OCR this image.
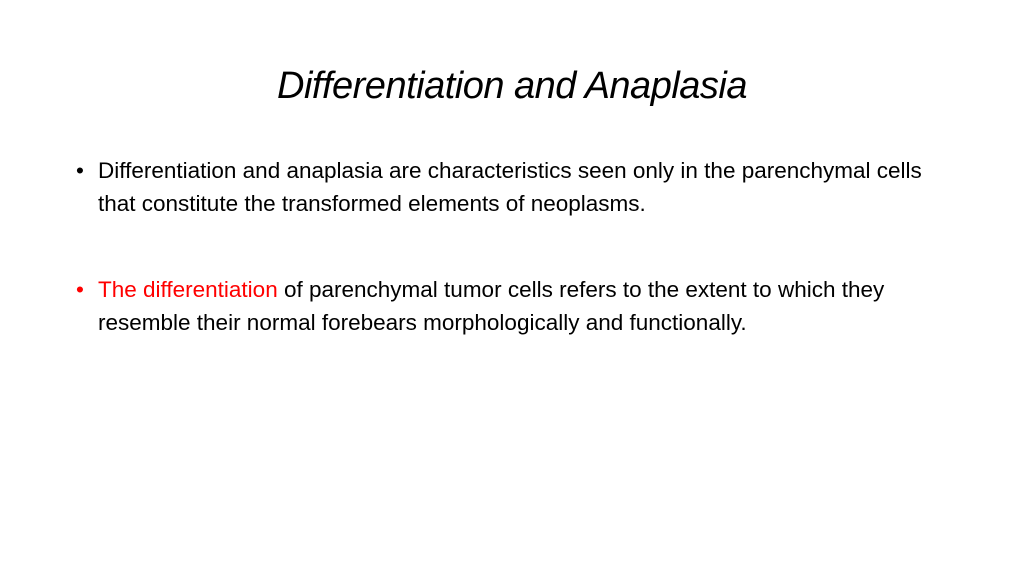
Differentiation and Anaplasia
• Differentiation and anaplasia are characteristics seen only in the parenchymal cells that constitute the transformed elements of neoplasms.
• The differentiation of parenchymal tumor cells refers to the extent to which they resemble their normal forebears morphologically and functionally.
